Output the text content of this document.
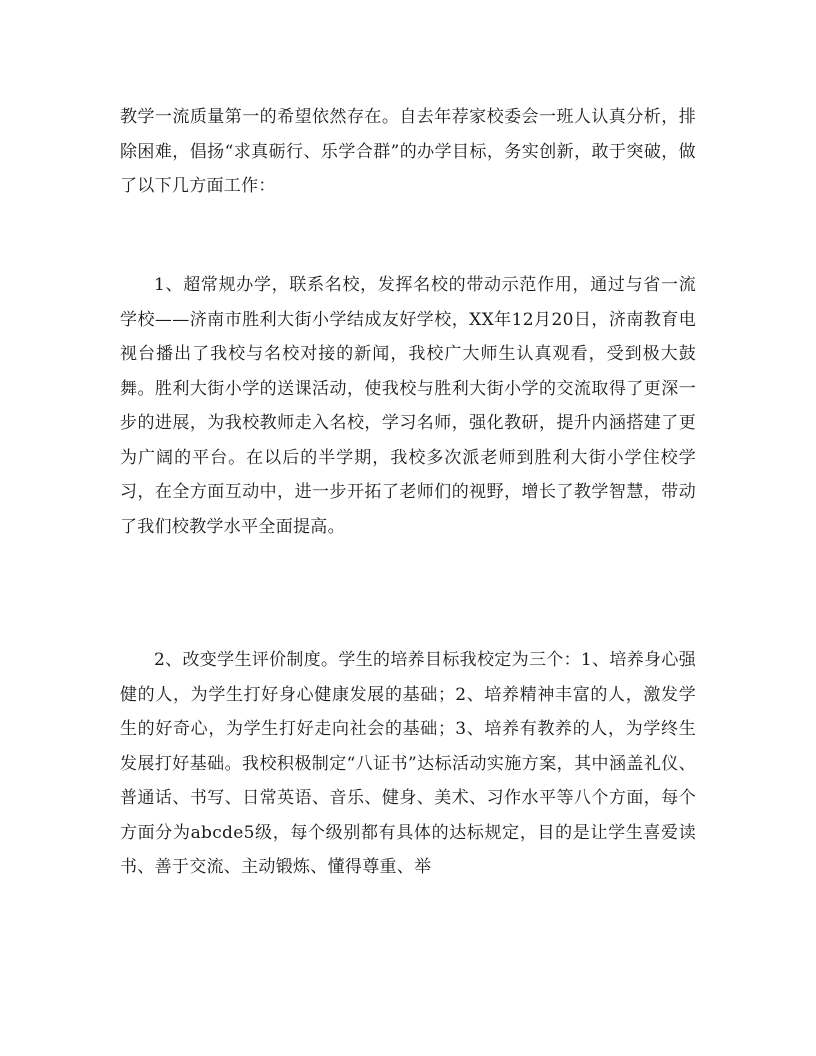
教学一流质量第一的希望依然存在。自去年荐家校委会一班人认真分析，排除困难，倡扬“求真砺行、乐学合群”的办学目标，务实创新，敢于突破，做了以下几方面工作：

1、超常规办学，联系名校，发挥名校的带动示范作用，通过与省一流学校——济南市胜利大街小学结成友好学校，XX年12月20日，济南教育电视台播出了我校与名校对接的新闻，我校广大师生认真观看，受到极大鼓舞。胜利大街小学的送课活动，使我校与胜利大街小学的交流取得了更深一步的进展，为我校教师走入名校，学习名师，强化教研，提升内涵搭建了更为广阔的平台。在以后的半学期，我校多次派老师到胜利大街小学住校学习，在全方面互动中，进一步开拓了老师们的视野，增长了教学智慧，带动了我们校教学水平全面提高。

2、改变学生评价制度。学生的培养目标我校定为三个：1、培养身心强健的人，为学生打好身心健康发展的基础；2、培养精神丰富的人，激发学生的好奇心，为学生打好走向社会的基础；3、培养有教养的人，为学终生发展打好基础。我校积极制定“八证书”达标活动实施方案，其中涵盖礼仪、普通话、书写、日常英语、音乐、健身、美术、习作水平等八个方面，每个方面分为abcde5级，每个级别都有具体的达标规定，目的是让学生喜爱读书、善于交流、主动锻炼、懂得尊重、举
